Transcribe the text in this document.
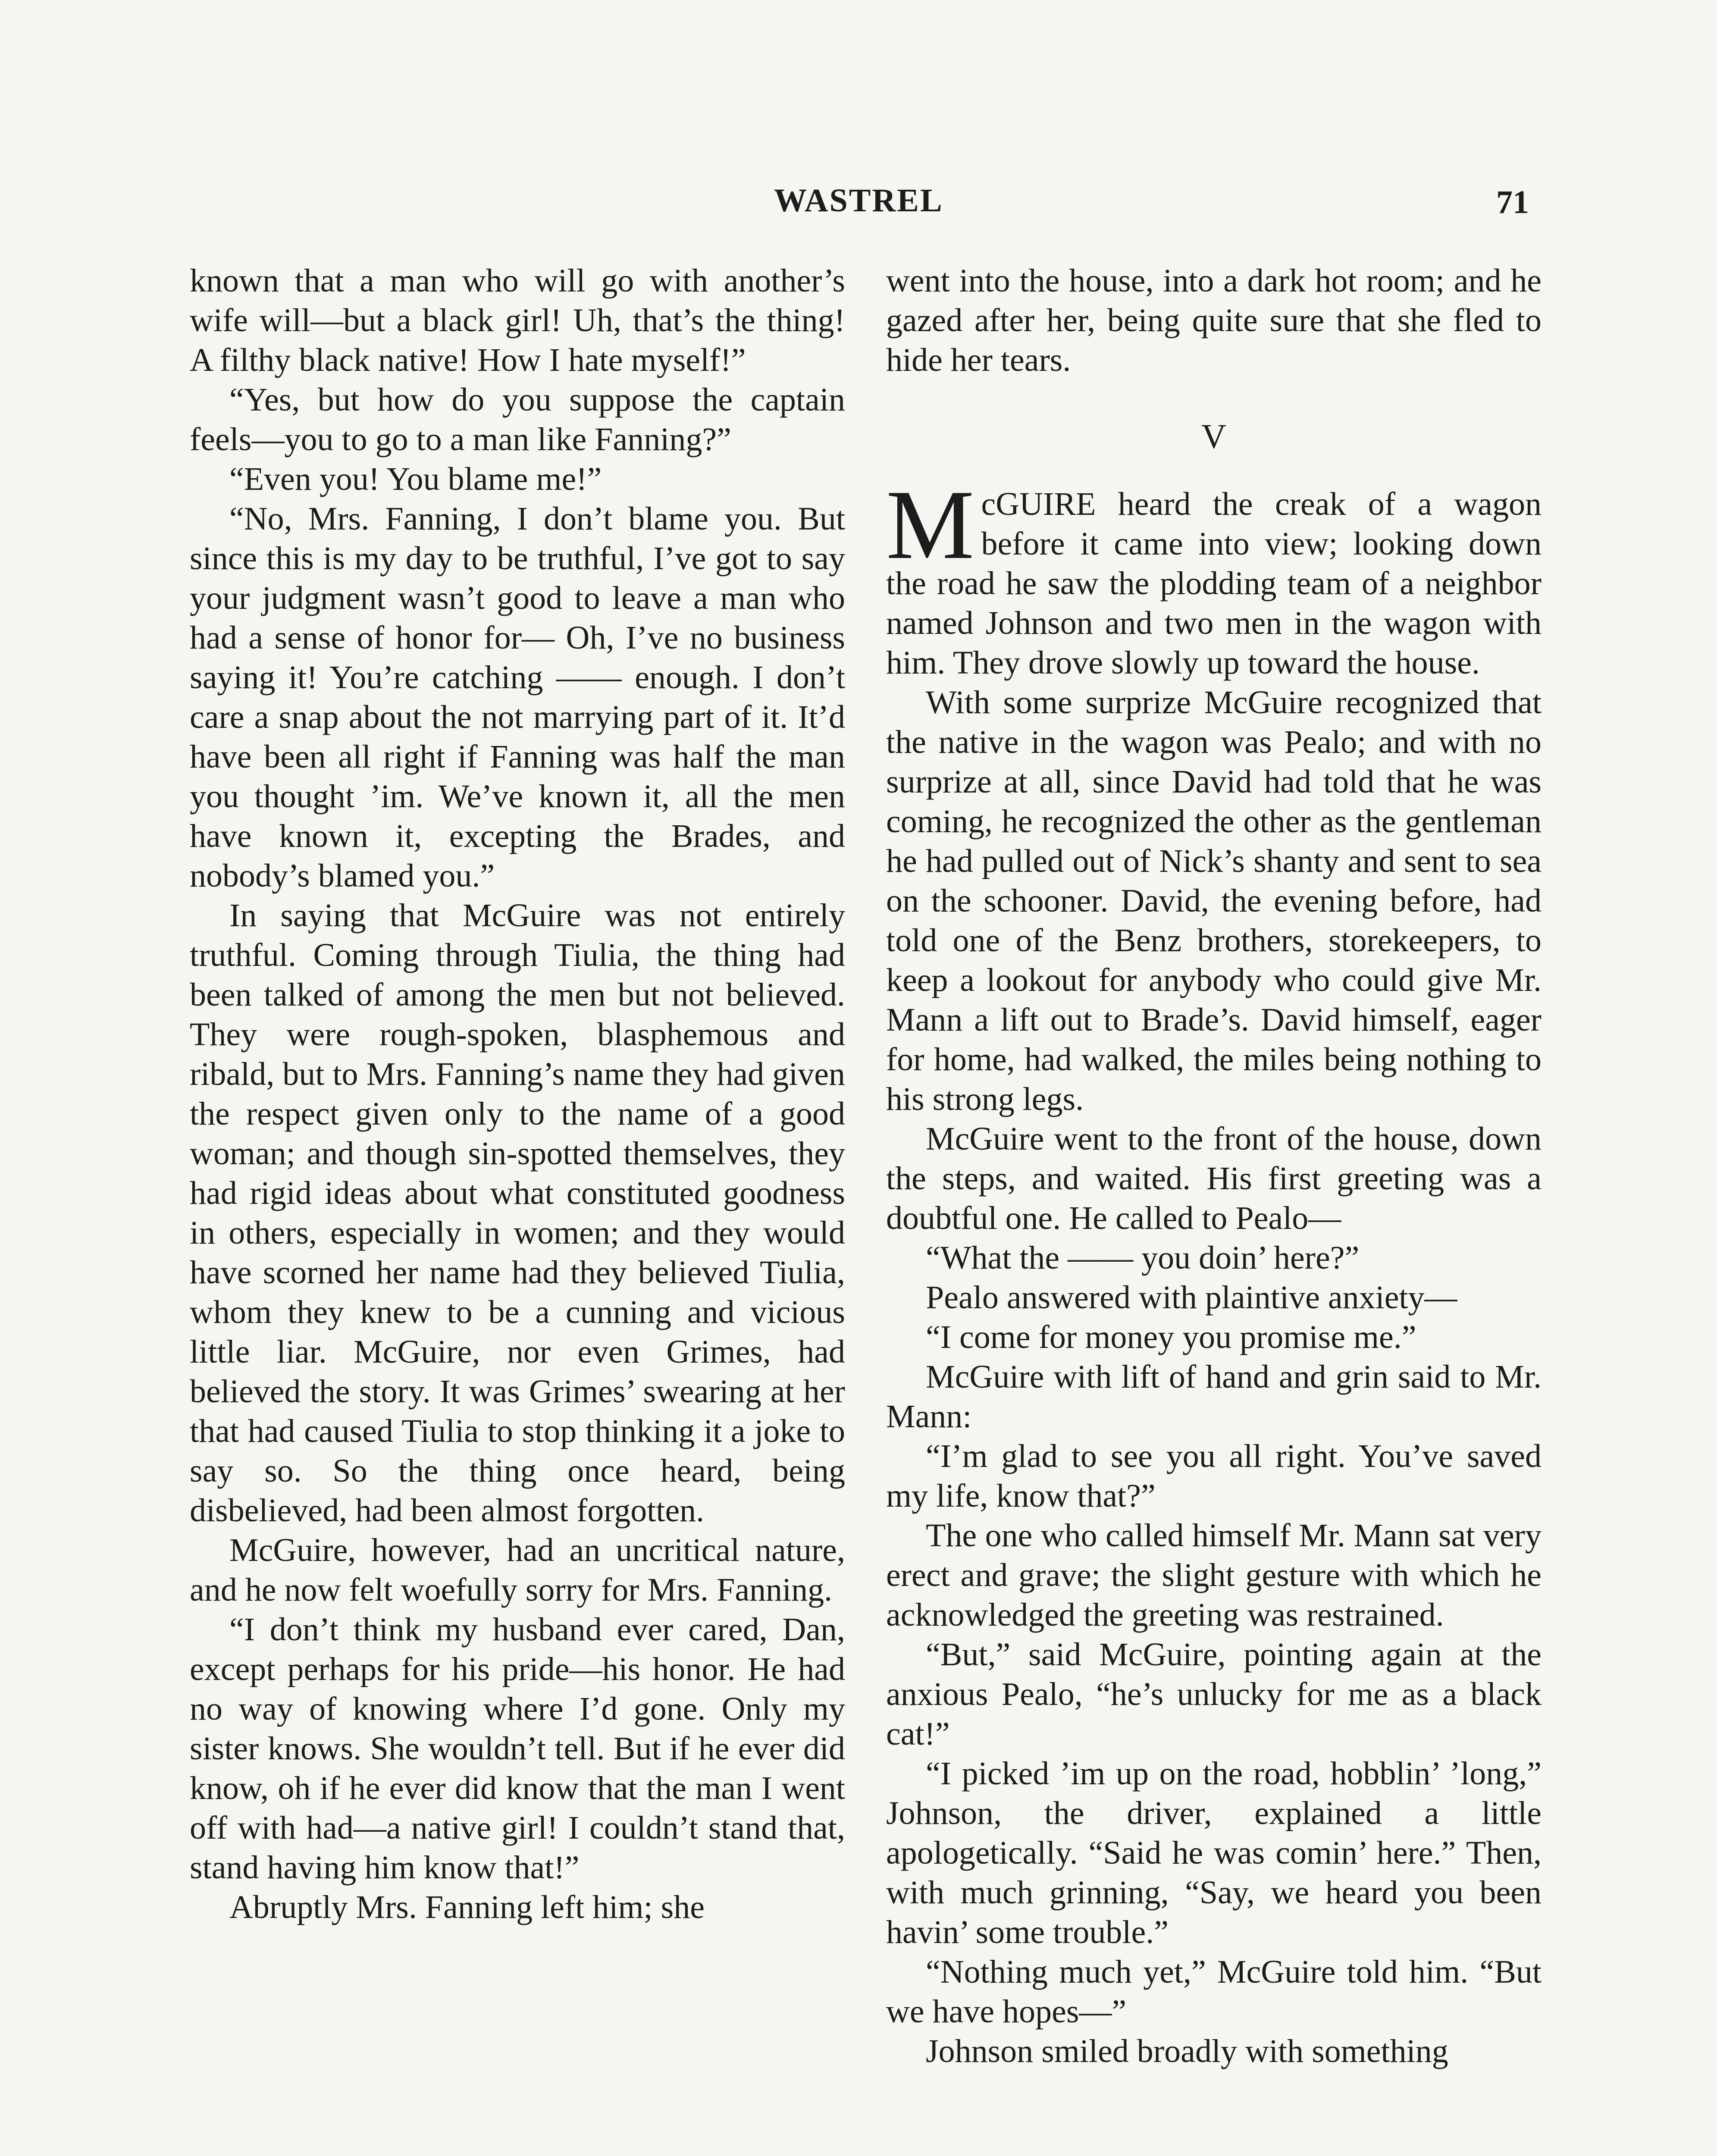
WASTREL	71

known that a man who will go with another’s wife will—but a black girl! Uh, that’s the thing! A filthy black native! How I hate myself!”

“Yes, but how do you suppose the captain feels—you to go to a man like Fanning?”

“Even you! You blame me!”

“No, Mrs. Fanning, I don’t blame you. But since this is my day to be truthful, I’ve got to say your judgment wasn’t good to leave a man who had a sense of honor for— Oh, I’ve no business saying it! You’re catching —— enough. I don’t care a snap about the not marrying part of it. It’d have been all right if Fanning was half the man you thought ’im. We’ve known it, all the men have known it, excepting the Brades, and nobody’s blamed you.”

In saying that McGuire was not entirely truthful. Coming through Tiulia, the thing had been talked of among the men but not believed. They were rough-spoken, blasphemous and ribald, but to Mrs. Fanning’s name they had given the respect given only to the name of a good woman; and though sin-spotted themselves, they had rigid ideas about what constituted goodness in others, especially in women; and they would have scorned her name had they believed Tiulia, whom they knew to be a cunning and vicious little liar. McGuire, nor even Grimes, had believed the story. It was Grimes’ swearing at her that had caused Tiulia to stop thinking it a joke to say so. So the thing once heard, being disbelieved, had been almost forgotten.

McGuire, however, had an uncritical nature, and he now felt woefully sorry for Mrs. Fanning.

“I don’t think my husband ever cared, Dan, except perhaps for his pride—his honor. He had no way of knowing where I’d gone. Only my sister knows. She wouldn’t tell. But if he ever did know, oh if he ever did know that the man I went off with had—a native girl! I couldn’t stand that, stand having him know that!”

Abruptly Mrs. Fanning left him; she

went into the house, into a dark hot room; and he gazed after her, being quite sure that she fled to hide her tears.

V

McGUIRE heard the creak of a wagon before it came into view; looking down the road he saw the plodding team of a neighbor named Johnson and two men in the wagon with him. They drove slowly up toward the house.

With some surprize McGuire recognized that the native in the wagon was Pealo; and with no surprize at all, since David had told that he was coming, he recognized the other as the gentleman he had pulled out of Nick’s shanty and sent to sea on the schooner. David, the evening before, had told one of the Benz brothers, storekeepers, to keep a lookout for anybody who could give Mr. Mann a lift out to Brade’s. David himself, eager for home, had walked, the miles being nothing to his strong legs.

McGuire went to the front of the house, down the steps, and waited. His first greeting was a doubtful one. He called to Pealo—

“What the —— you doin’ here?”

Pealo answered with plaintive anxiety—

“I come for money you promise me.”

McGuire with lift of hand and grin said to Mr. Mann:

“I’m glad to see you all right. You’ve saved my life, know that?”

The one who called himself Mr. Mann sat very erect and grave; the slight gesture with which he acknowledged the greeting was restrained.

“But,” said McGuire, pointing again at the anxious Pealo, “he’s unlucky for me as a black cat!”

“I picked ’im up on the road, hobblin’ ’long,” Johnson, the driver, explained a little apologetically. “Said he was comin’ here.” Then, with much grinning, “Say, we heard you been havin’ some trouble.”

“Nothing much yet,” McGuire told him. “But we have hopes—”

Johnson smiled broadly with something
